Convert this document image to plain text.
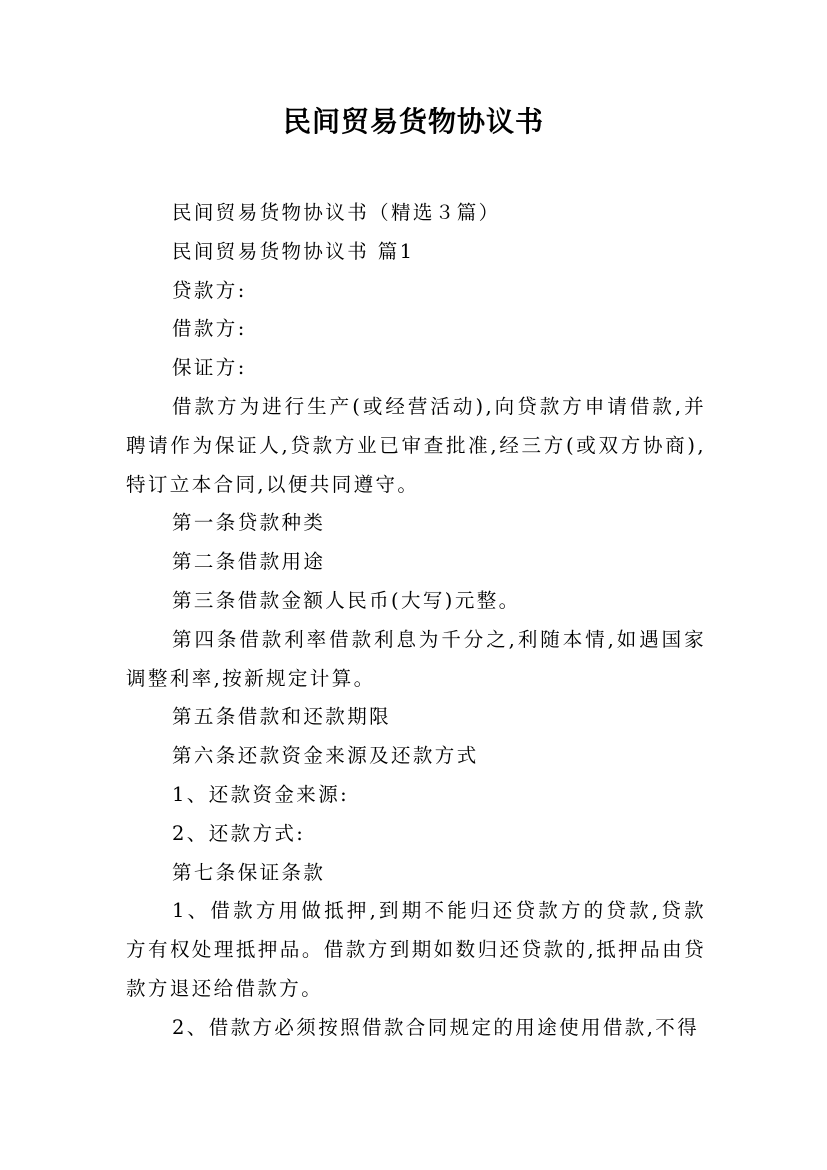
民间贸易货物协议书

民间贸易货物协议书（精选３篇）

民间贸易货物协议书 篇1

贷款方:

借款方:

保证方:

借款方为进行生产(或经营活动),向贷款方申请借款,并聘请作为保证人,贷款方业已审查批准,经三方(或双方协商),特订立本合同,以便共同遵守。

第一条贷款种类

第二条借款用途

第三条借款金额人民币(大写)元整。

第四条借款利率借款利息为千分之,利随本情,如遇国家调整利率,按新规定计算。

第五条借款和还款期限

第六条还款资金来源及还款方式

1、还款资金来源:

2、还款方式:

第七条保证条款

1、借款方用做抵押,到期不能归还贷款方的贷款,贷款方有权处理抵押品。借款方到期如数归还贷款的,抵押品由贷款方退还给借款方。

2、借款方必须按照借款合同规定的用途使用借款,不得
